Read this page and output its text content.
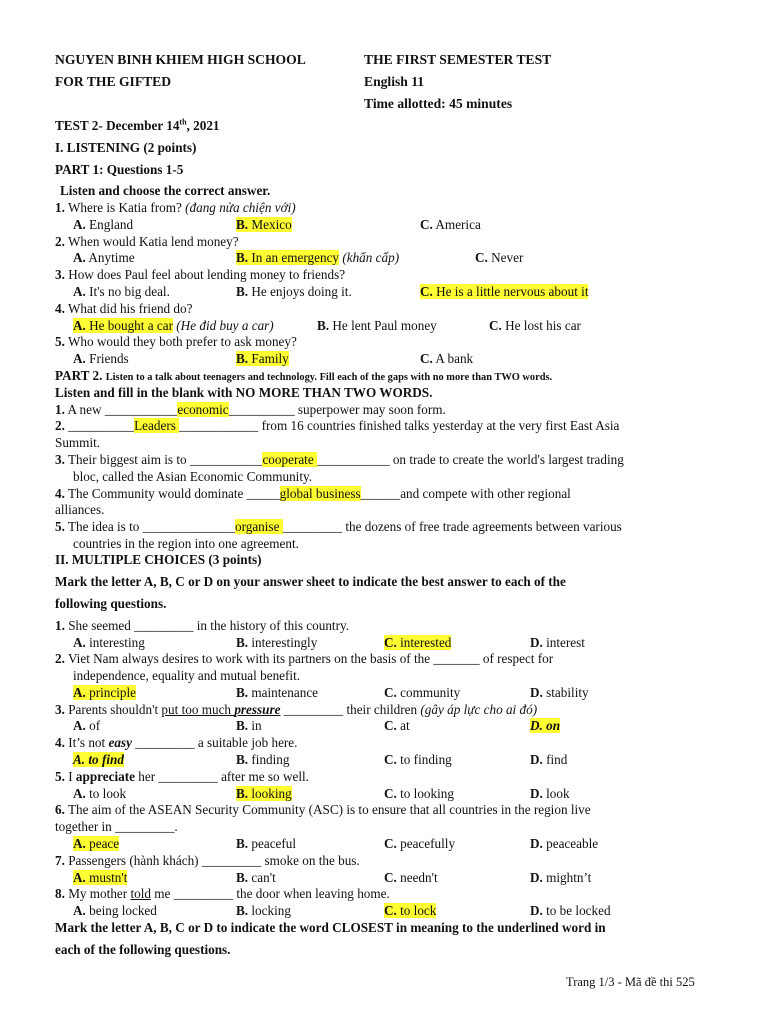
NGUYEN BINH KHIEM HIGH SCHOOL
FOR THE GIFTED
THE FIRST SEMESTER TEST
English 11
Time allotted: 45 minutes
TEST 2- December 14th, 2021
I. LISTENING (2 points)
PART 1: Questions 1-5
Listen and choose the correct answer.
1. Where is Katia from? (đang nửa chiện với)
A. England	B. Mexico	C. America
2. When would Katia lend money?
A. Anytime	B. In an emergency (khẩn cấp)	C. Never
3. How does Paul feel about lending money to friends?
A. It's no big deal.	B. He enjoys doing it.	C. He is a little nervous about it
4. What did his friend do?
A. He bought a car (He đid buy a car)	B. He lent Paul money	C. He lost his car
5. Who would they both prefer to ask money?
A. Friends	B. Family	C. A bank
PART 2. Listen to a talk about teenagers and technology. Fill each of the gaps with no more than TWO words.
Listen and fill in the blank with NO MORE THAN TWO WORDS.
1. A new ___________economic__________ superpower may soon form.
2. __________Leaders ____________ from 16 countries finished talks yesterday at the very first East Asia
Summit.
3. Their biggest aim is to ___________cooperate ___________ on trade to create the world's largest trading
bloc, called the Asian Economic Community.
4. The Community would dominate _____global business______and compete with other regional
alliances.
5. The idea is to ______________organise _________ the dozens of free trade agreements between various
countries in the region into one agreement.
II. MULTIPLE CHOICES (3 points)
Mark the letter A, B, C or D on your answer sheet to indicate the best answer to each of the
following questions.
1. She seemed _________ in the history of this country.
A. interesting	B. interestingly	C. interested	D. interest
2. Viet Nam always desires to work with its partners on the basis of the _______ of respect for
independence, equality and mutual benefit.
A. principle	B. maintenance	C. community	D. stability
3. Parents shouldn't put too much pressure _________ their children (gây áp lực cho ai đó)
A. of	B. in	C. at	D. on
4. It’s not easy _________ a suitable job here.
A. to find	B. finding	C. to finding	D. find
5. I appreciate her _________ after me so well.
A. to look	B. looking	C. to looking	D. look
6. The aim of the ASEAN Security Community (ASC) is to ensure that all countries in the region live
together in _________.
A. peace	B. peaceful	C. peacefully	D. peaceable
7. Passengers (hành khách) _________ smoke on the bus.
A. mustn't	B. can't	C. needn't	D. mightn’t
8. My mother told me _________ the door when leaving home.
A. being locked	B. locking	C. to lock	D. to be locked
Mark the letter A, B, C or D to indicate the word CLOSEST in meaning to the underlined word in
each of the following questions.
Trang 1/3 - Mã đề thi 525
